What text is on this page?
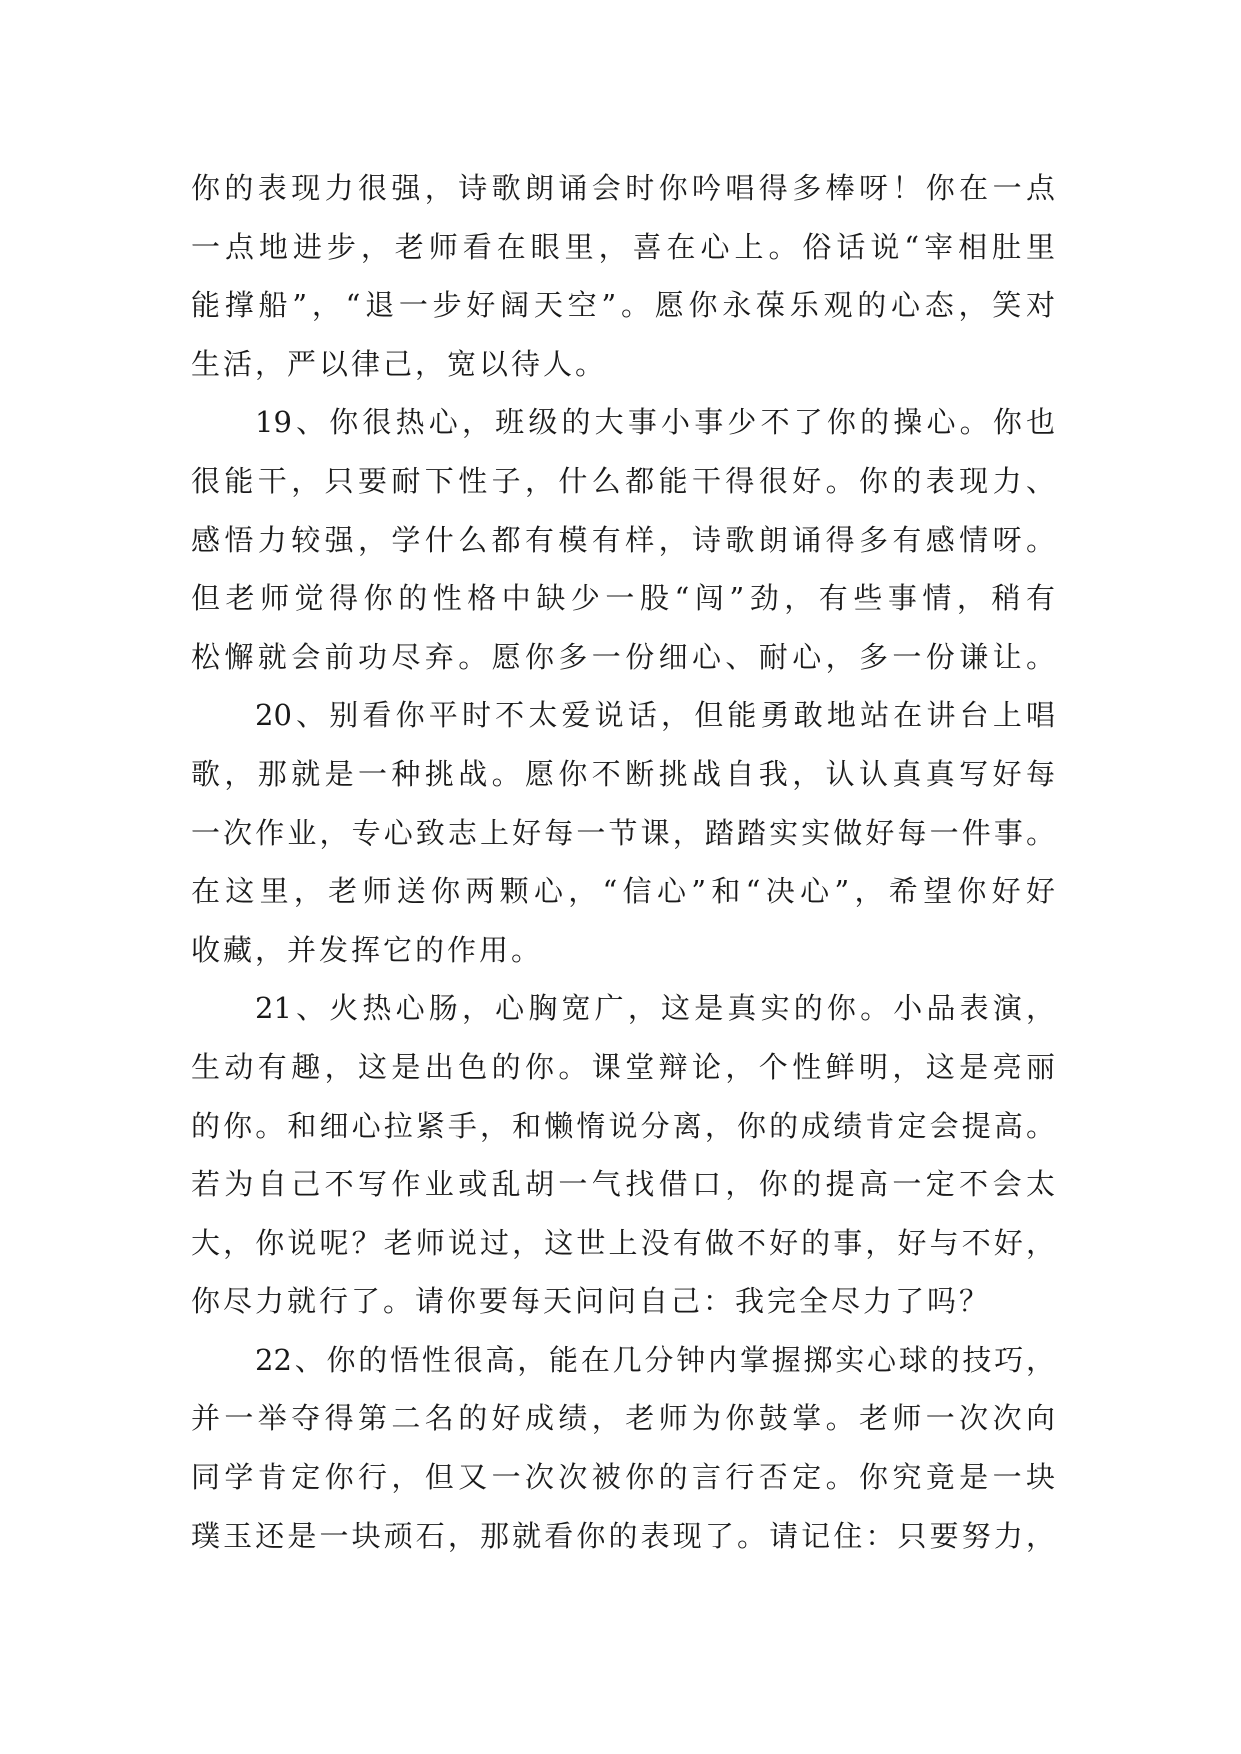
你的表现力很强，诗歌朗诵会时你吟唱得多棒呀！你在一点
一点地进步，老师看在眼里，喜在心上。俗话说“宰相肚里
能撑船”，“退一步好阔天空”。愿你永葆乐观的心态，笑对
生活，严以律己，宽以待人。
19、你很热心，班级的大事小事少不了你的操心。你也
很能干，只要耐下性子，什么都能干得很好。你的表现力、
感悟力较强，学什么都有模有样，诗歌朗诵得多有感情呀。
但老师觉得你的性格中缺少一股“闯”劲，有些事情，稍有
松懈就会前功尽弃。愿你多一份细心、耐心，多一份谦让。
20、别看你平时不太爱说话，但能勇敢地站在讲台上唱
歌，那就是一种挑战。愿你不断挑战自我，认认真真写好每
一次作业，专心致志上好每一节课，踏踏实实做好每一件事。
在这里，老师送你两颗心，“信心”和“决心”，希望你好好
收藏，并发挥它的作用。
21、火热心肠，心胸宽广，这是真实的你。小品表演，
生动有趣，这是出色的你。课堂辩论，个性鲜明，这是亮丽
的你。和细心拉紧手，和懒惰说分离，你的成绩肯定会提高。
若为自己不写作业或乱胡一气找借口，你的提高一定不会太
大，你说呢？老师说过，这世上没有做不好的事，好与不好，
你尽力就行了。请你要每天问问自己：我完全尽力了吗？
22、你的悟性很高，能在几分钟内掌握掷实心球的技巧，
并一举夺得第二名的好成绩，老师为你鼓掌。老师一次次向
同学肯定你行，但又一次次被你的言行否定。你究竟是一块
璞玉还是一块顽石，那就看你的表现了。请记住：只要努力，
